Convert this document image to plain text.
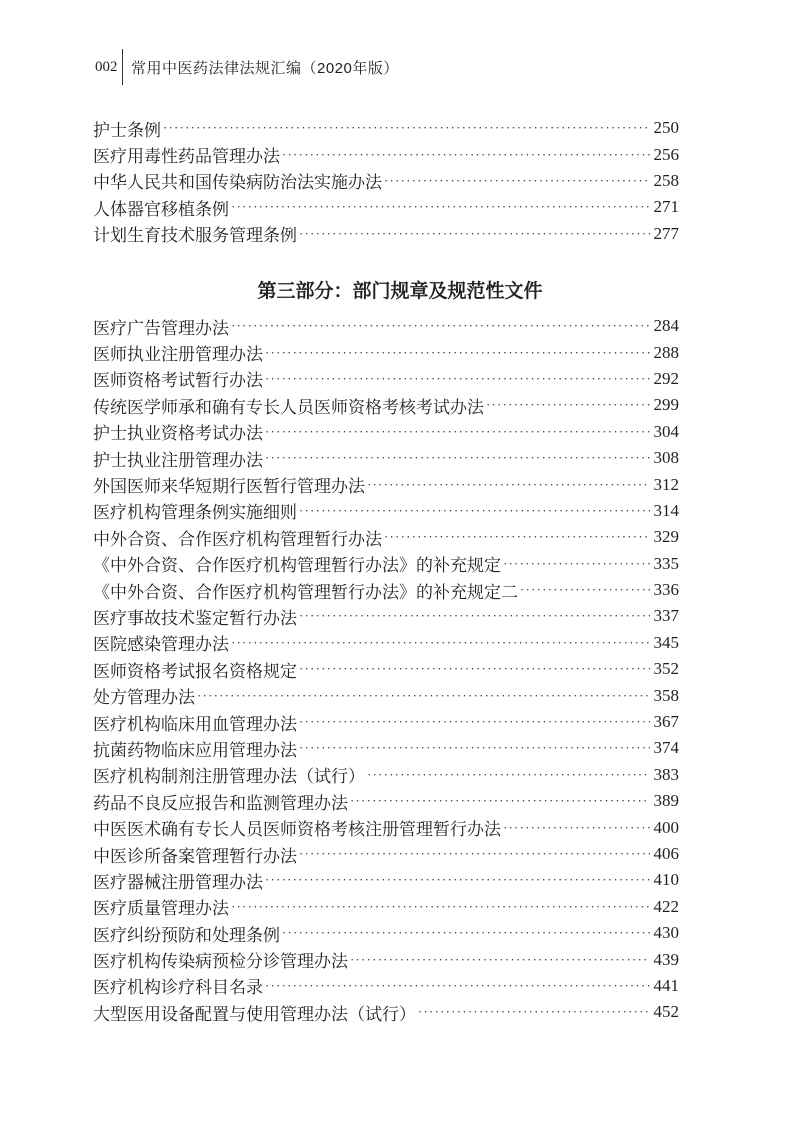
002 常用中医药法律法规汇编（2020年版）
护士条例 ·····	250
医疗用毒性药品管理办法 ·····	256
中华人民共和国传染病防治法实施办法 ·····	258
人体器官移植条例 ·····	271
计划生育技术服务管理条例 ·····	277
第三部分：部门规章及规范性文件
医疗广告管理办法 ·····	284
医师执业注册管理办法 ·····	288
医师资格考试暂行办法 ·····	292
传统医学师承和确有专长人员医师资格考核考试办法 ·····	299
护士执业资格考试办法 ·····	304
护士执业注册管理办法 ·····	308
外国医师来华短期行医暂行管理办法 ·····	312
医疗机构管理条例实施细则 ·····	314
中外合资、合作医疗机构管理暂行办法 ·····	329
《中外合资、合作医疗机构管理暂行办法》的补充规定 ·····	335
《中外合资、合作医疗机构管理暂行办法》的补充规定二 ·····	336
医疗事故技术鉴定暂行办法 ·····	337
医院感染管理办法 ·····	345
医师资格考试报名资格规定 ·····	352
处方管理办法 ·····	358
医疗机构临床用血管理办法 ·····	367
抗菌药物临床应用管理办法 ·····	374
医疗机构制剂注册管理办法（试行） ·····	383
药品不良反应报告和监测管理办法 ·····	389
中医医术确有专长人员医师资格考核注册管理暂行办法 ·····	400
中医诊所备案管理暂行办法 ·····	406
医疗器械注册管理办法 ·····	410
医疗质量管理办法 ·····	422
医疗纠纷预防和处理条例 ·····	430
医疗机构传染病预检分诊管理办法 ·····	439
医疗机构诊疗科目名录 ·····	441
大型医用设备配置与使用管理办法（试行） ·····	452
